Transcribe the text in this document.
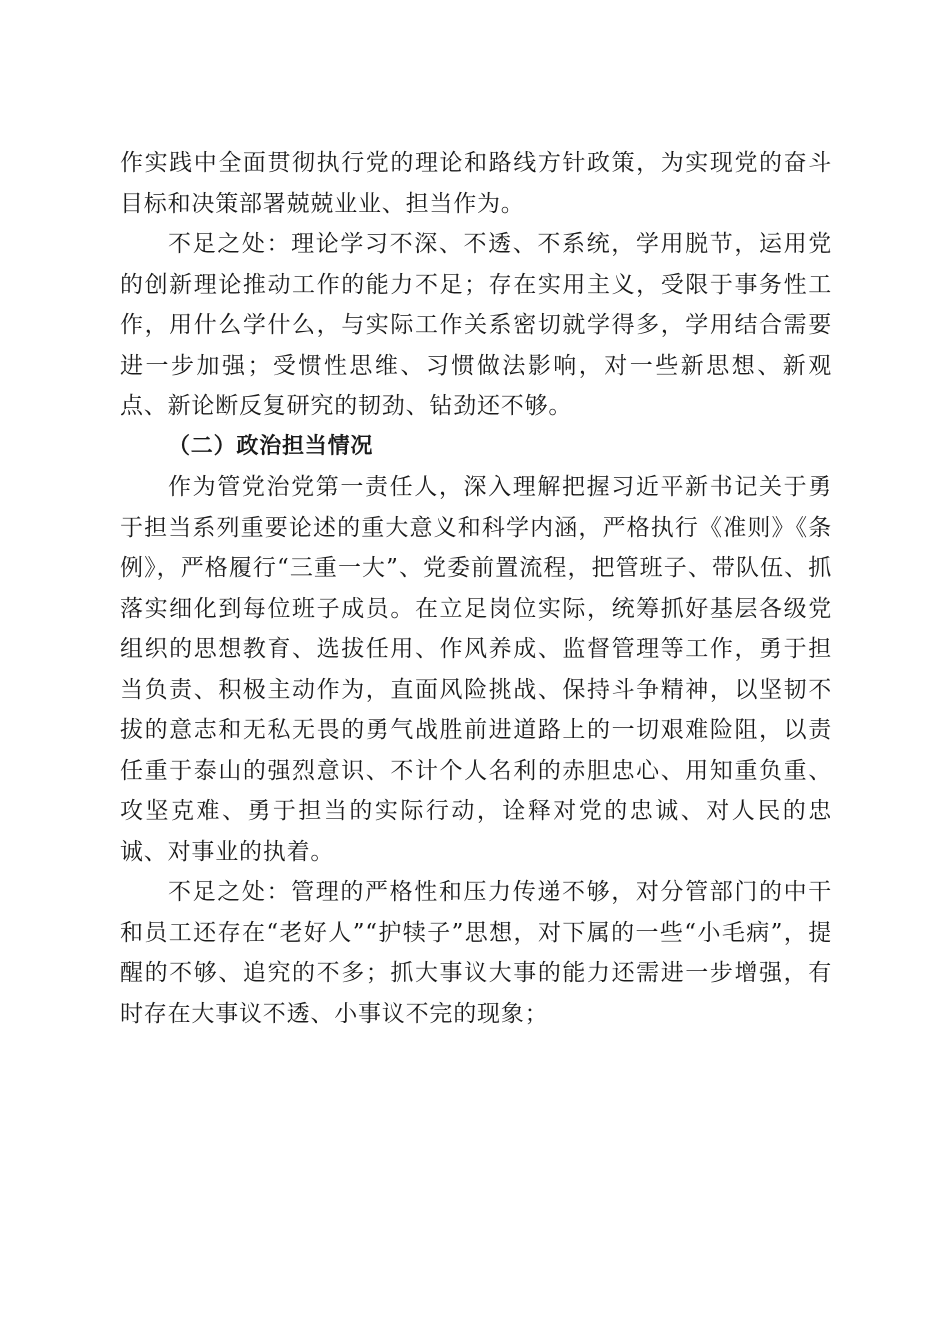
作实践中全面贯彻执行党的理论和路线方针政策，为实现党的奋斗目标和决策部署兢兢业业、担当作为。

不足之处：理论学习不深、不透、不系统，学用脱节，运用党的创新理论推动工作的能力不足；存在实用主义，受限于事务性工作，用什么学什么，与实际工作关系密切就学得多，学用结合需要进一步加强；受惯性思维、习惯做法影响，对一些新思想、新观点、新论断反复研究的韧劲、钻劲还不够。

（二）政治担当情况

作为管党治党第一责任人，深入理解把握习近平新书记关于勇于担当系列重要论述的重大意义和科学内涵，严格执行《准则》《条例》，严格履行“三重一大”、党委前置流程，把管班子、带队伍、抓落实细化到每位班子成员。在立足岗位实际，统筹抓好基层各级党组织的思想教育、选拔任用、作风养成、监督管理等工作，勇于担当负责、积极主动作为，直面风险挑战、保持斗争精神，以坚韧不拔的意志和无私无畏的勇气战胜前进道路上的一切艰难险阻，以责任重于泰山的强烈意识、不计个人名利的赤胆忠心、用知重负重、攻坚克难、勇于担当的实际行动，诠释对党的忠诚、对人民的忠诚、对事业的执着。

不足之处：管理的严格性和压力传递不够，对分管部门的中干和员工还存在“老好人”“护犊子”思想，对下属的一些“小毛病”，提醒的不够、追究的不多；抓大事议大事的能力还需进一步增强，有时存在大事议不透、小事议不完的现象；
